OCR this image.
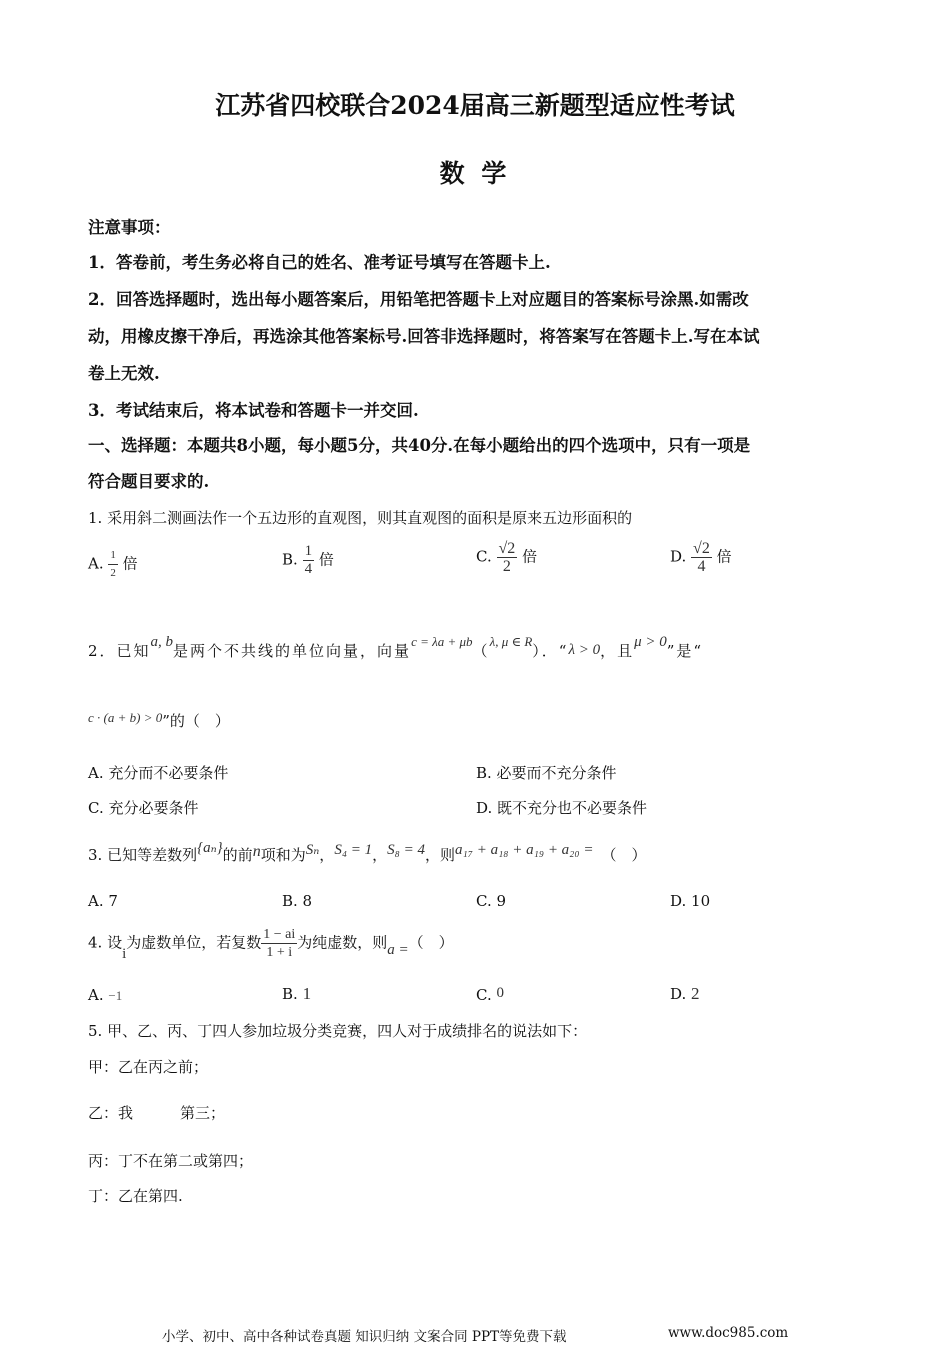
江苏省四校联合2024届高三新题型适应性考试
数 学
注意事项：
1．答卷前，考生务必将自己的姓名、准考证号填写在答题卡上.
2．回答选择题时，选出每小题答案后，用铅笔把答题卡上对应题目的答案标号涂黑.如需改
动，用橡皮擦干净后，再选涂其他答案标号.回答非选择题时，将答案写在答题卡上.写在本试
卷上无效.
3．考试结束后，将本试卷和答题卡一并交回.
一、选择题：本题共8小题，每小题5分，共40分.在每小题给出的四个选项中，只有一项是
符合题目要求的.
1. 采用斜二测画法作一个五边形的直观图，则其直观图的面积是原来五边形面积的
A. $\frac{1}{2}$ 倍	B. $\frac{1}{4}$ 倍	C. $\frac{√2}{2}$ 倍	D. $\frac{√2}{4}$ 倍
2．已知a, b是两个不共线的单位向量，向量c = λa + μb（λ, μ ∈ R）．“λ > 0，且μ > 0”是“
c · (a + b) > 0”的（　）
A. 充分而不必要条件	B. 必要而不充分条件
C. 充分必要条件	D. 既不充分也不必要条件
3. 已知等差数列{aₙ}的前n项和为Sₙ，S₄ = 1，S₈ = 4，则a₁₇ + a₁₈ + a₁₉ + a₂₀ = （　）
A. 7	B. 8	C. 9	D. 10
4. 设i为虚数单位，若复数 $\frac{1 - ai}{1 + i}$ 为纯虚数，则a =（　）
A. −1	B. 1	C. 0	D. 2
5. 甲、乙、丙、丁四人参加垃圾分类竞赛，四人对于成绩排名的说法如下：
甲：乙在丙之前；
乙：我	第三；
丙：丁不在第二或第四；
丁：乙在第四.
小学、初中、高中各种试卷真题 知识归纳 文案合同 PPT等免费下载	www.doc985.com
